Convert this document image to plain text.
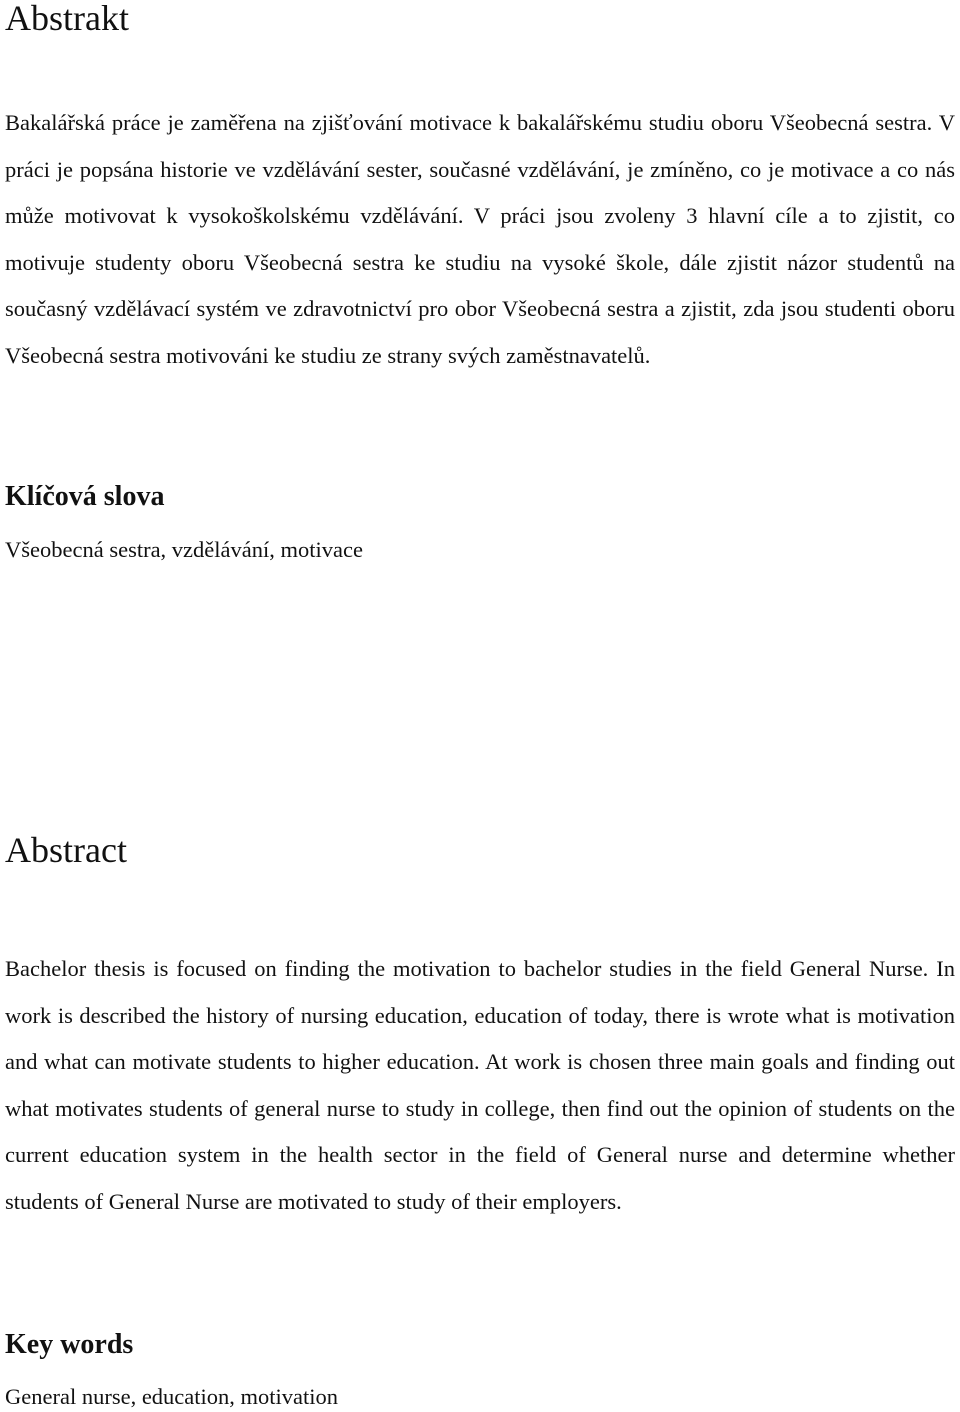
Abstrakt

Bakalářská práce je zaměřena na zjišťování motivace k bakalářskému studiu oboru Všeobecná sestra. V práci je popsána historie ve vzdělávání sester, současné vzdělávání, je zmíněno, co je motivace a co nás může motivovat k vysokoškolskému vzdělávání. V práci jsou zvoleny 3 hlavní cíle a to zjistit, co motivuje studenty oboru Všeobecná sestra ke studiu na vysoké škole, dále zjistit názor studentů na současný vzdělávací systém ve zdravotnictví pro obor Všeobecná sestra a zjistit, zda jsou studenti oboru Všeobecná sestra motivováni ke studiu ze strany svých zaměstnavatelů.

Klíčová slova
Všeobecná sestra, vzdělávání, motivace
Abstract

Bachelor thesis is focused on finding the motivation to bachelor studies in the field General Nurse. In work is described the history of nursing education, education of today, there is wrote what is motivation and what can motivate students to higher education. At work is chosen three main goals and finding out what motivates students of general nurse to study in college, then find out the opinion of students on the current education system in the health sector in the field of General nurse and determine whether students of General Nurse are motivated to study of their employers.

Key words
General nurse, education, motivation
